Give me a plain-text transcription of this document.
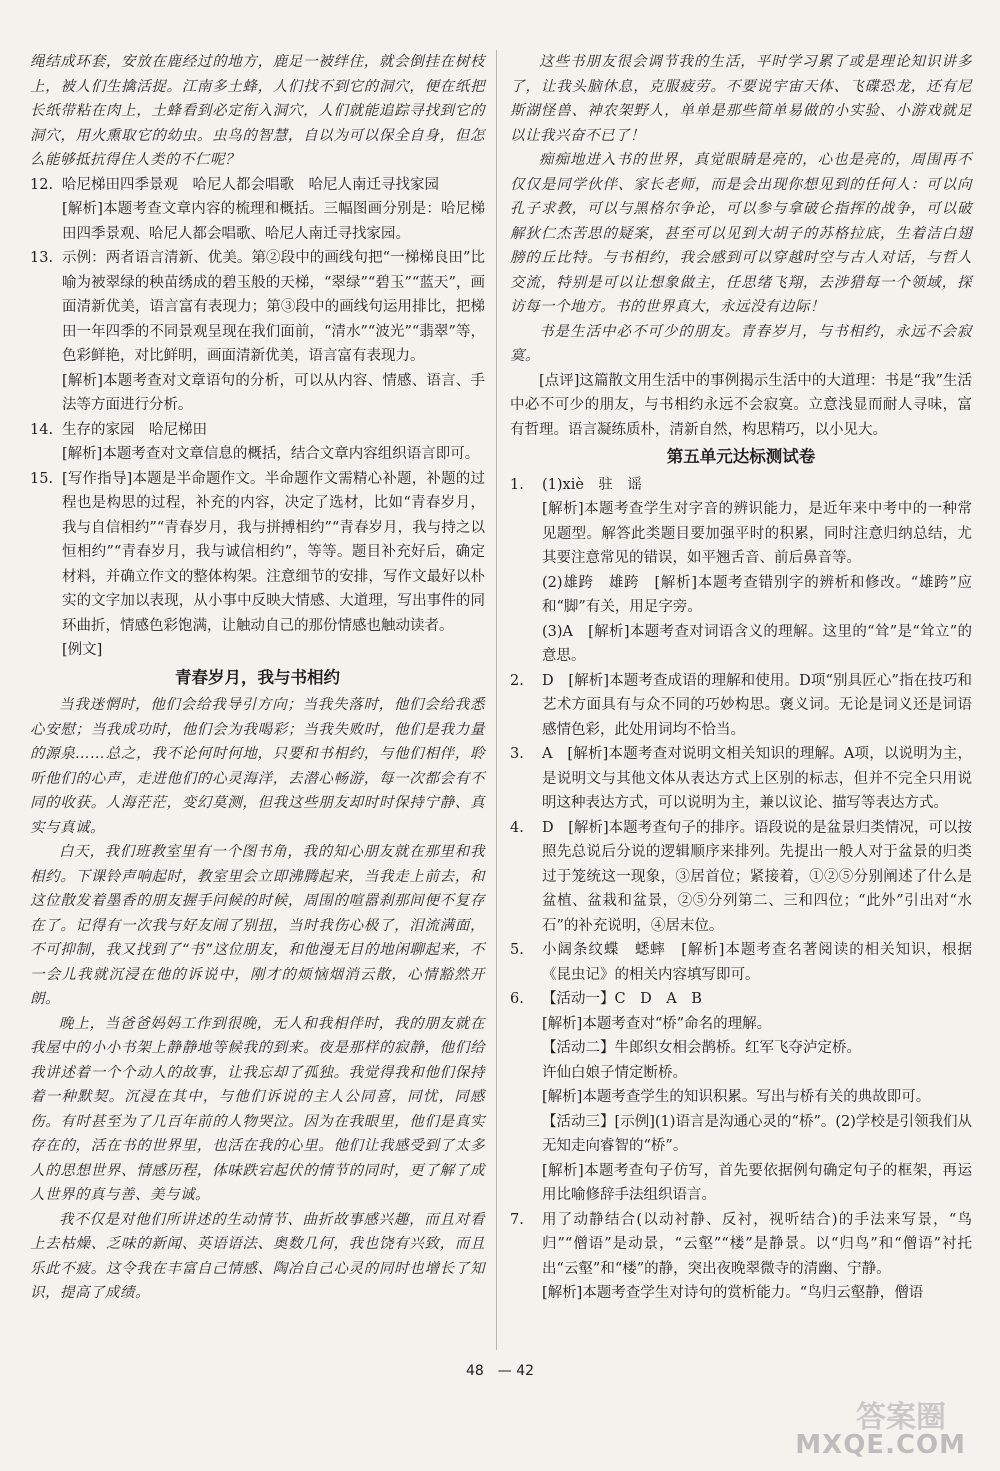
绳结成环套，安放在鹿经过的地方，鹿足一被绊住，就会倒挂在树枝上，被人们生擒活捉。江南多土蜂，人们找不到它的洞穴，便在纸把长纸带粘在肉上，土蜂看到必定衔入洞穴，人们就能追踪寻找到它的洞穴，用火熏取它的幼虫。虫鸟的智慧，自以为可以保全自身，但怎么能够抵抗得住人类的不仁呢？

12. 哈尼梯田四季景观　哈尼人都会唱歌　哈尼人南迁寻找家园

[解析]本题考查文章内容的梳理和概括。三幅图画分别是：哈尼梯田四季景观、哈尼人都会唱歌、哈尼人南迁寻找家园。

13. 示例：两者语言清新、优美。第②段中的画线句把“一梯梯良田”比喻为被翠绿的秧苗绣成的碧玉般的天梯，“翠绿”“碧玉”“蓝天”，画面清新优美，语言富有表现力；第③段中的画线句运用排比，把梯田一年四季的不同景观呈现在我们面前，“清水”“波光”“翡翠”等，色彩鲜艳，对比鲜明，画面清新优美，语言富有表现力。

[解析]本题考查对文章语句的分析，可以从内容、情感、语言、手法等方面进行分析。

14. 生存的家园　哈尼梯田

[解析]本题考查对文章信息的概括，结合文章内容组织语言即可。

15. [写作指导]本题是半命题作文。半命题作文需精心补题，补题的过程也是构思的过程，补充的内容，决定了选材，比如“青春岁月，我与自信相约”“青春岁月，我与拼搏相约”“青春岁月，我与持之以恒相约”“青春岁月，我与诚信相约”，等等。题目补充好后，确定材料，并确立作文的整体构架。注意细节的安排，写作文最好以朴实的文字加以表现，从小事中反映大情感、大道理，写出事件的同环曲折，情感色彩饱满，让触动自己的那份情感也触动读者。

[例文]

青春岁月，我与书相约

当我迷惘时，他们会给我导引方向；当我失落时，他们会给我悉心安慰；当我成功时，他们会为我喝彩；当我失败时，他们是我力量的源泉……总之，我不论何时何地，只要和书相约，与他们相伴，聆听他们的心声，走进他们的心灵海洋，去潜心畅游，每一次都会有不同的收获。人海茫茫，变幻莫测，但我这些朋友却时时保持宁静、真实与真诚。

白天，我们班教室里有一个图书角，我的知心朋友就在那里和我相约。下课铃声响起时，教室里会立即沸腾起来，当我走上前去，和这位散发着墨香的朋友握手问候的时候，周围的喧嚣刹那间便不复存在了。记得有一次我与好友闹了别扭，当时我伤心极了，泪流满面，不可抑制，我又找到了“书”这位朋友，和他漫无目的地闲聊起来，不一会儿我就沉浸在他的诉说中，刚才的烦恼烟消云散，心情豁然开朗。

晚上，当爸爸妈妈工作到很晚，无人和我相伴时，我的朋友就在我屋中的小小书架上静静地等候我的到来。夜是那样的寂静，他们给我讲述着一个个动人的故事，让我忘却了孤独。我觉得我和他们保持着一种默契。沉浸在其中，与他们诉说的主人公同喜，同忧，同感伤。有时甚至为了几百年前的人物哭泣。因为在我眼里，他们是真实存在的，活在书的世界里，也活在我的心里。他们让我感受到了太多人的思想世界、情感历程，体味跌宕起伏的情节的同时，更了解了成人世界的真与善、美与诚。

我不仅是对他们所讲述的生动情节、曲折故事感兴趣，而且对看上去枯燥、乏味的新闻、英语语法、奥数几何，我也饶有兴致，而且乐此不疲。这令我在丰富自己情感、陶冶自己心灵的同时也增长了知识，提高了成绩。

这些书朋友很会调节我的生活，平时学习累了或是理论知识讲多了，让我头脑休息，克服疲劳。不要说宇宙天体、飞碟恐龙，还有尼斯湖怪兽、神农架野人，单单是那些简单易做的小实验、小游戏就足以让我兴奋不已了！

痴痴地进入书的世界，真觉眼睛是亮的，心也是亮的，周围再不仅仅是同学伙伴、家长老师，而是会出现你想见到的任何人：可以向孔子求教，可以与黑格尔争论，可以参与拿破仑指挥的战争，可以破解狄仁杰苦思的疑案，甚至可以见到大胡子的苏格拉底，生着洁白翅膀的丘比特。与书相约，我会感到可以穿越时空与古人对话，与哲人交流，特别是可以让想象做主，任思绪飞翔，去涉猎每一个领域，探访每一个地方。书的世界真大，永远没有边际！

书是生活中必不可少的朋友。青春岁月，与书相约，永远不会寂寞。

[点评]这篇散文用生活中的事例揭示生活中的大道理：书是“我”生活中必不可少的朋友，与书相约永远不会寂寞。立意浅显而耐人寻味，富有哲理。语言凝练质朴，清新自然，构思精巧，以小见大。

第五单元达标测试卷

1.	(1)xiè　驻　谣

[解析]本题考查学生对字音的辨识能力，是近年来中考中的一种常见题型。解答此类题目要加强平时的积累，同时注意归纳总结，尤其要注意常见的错误，如平翘舌音、前后鼻音等。

(2)雄跨　雄跨　[解析]本题考查错别字的辨析和修改。“雄跨”应和“脚”有关，用足字旁。

(3)A　[解析]本题考查对词语含义的理解。这里的“耸”是“耸立”的意思。

2.	D　[解析]本题考查成语的理解和使用。D项“别具匠心”指在技巧和艺术方面具有与众不同的巧妙构思。褒义词。无论是词义还是词语感情色彩，此处用词均不恰当。

3.	A　[解析]本题考查对说明文相关知识的理解。A项，以说明为主，是说明文与其他文体从表达方式上区别的标志，但并不完全只用说明这种表达方式，可以说明为主，兼以议论、描写等表达方式。

4.	D　[解析]本题考查句子的排序。语段说的是盆景归类情况，可以按照先总说后分说的逻辑顺序来排列。先提出一般人对于盆景的归类过于笼统这一现象，③居首位；紧接着，①②⑤分别阐述了什么是盆植、盆栽和盆景，②⑤分列第二、三和四位；“此外”引出对“水石”的补充说明，④居末位。

5.	小阔条纹蝶　蟋蟀　[解析]本题考查名著阅读的相关知识，根据《昆虫记》的相关内容填写即可。

6.	【活动一】C　D　A　B

[解析]本题考查对“桥”命名的理解。

【活动二】牛郎织女相会鹊桥。红军飞夺泸定桥。

许仙白娘子情定断桥。

[解析]本题考查学生的知识积累。写出与桥有关的典故即可。

【活动三】[示例](1)语言是沟通心灵的“桥”。(2)学校是引领我们从无知走向睿智的“桥”。

[解析]本题考查句子仿写，首先要依据例句确定句子的框架，再运用比喻修辞手法组织语言。

7.	用了动静结合(以动衬静、反衬，视听结合)的手法来写景，“鸟归”“僧语”是动景，“云壑”“楼”是静景。以“归鸟”和“僧语”衬托出“云壑”和“楼”的静，突出夜晚翠微寺的清幽、宁静。

[解析]本题考查学生对诗句的赏析能力。“鸟归云壑静，僧语

48　— 42
答案圈
MXQE.COM
